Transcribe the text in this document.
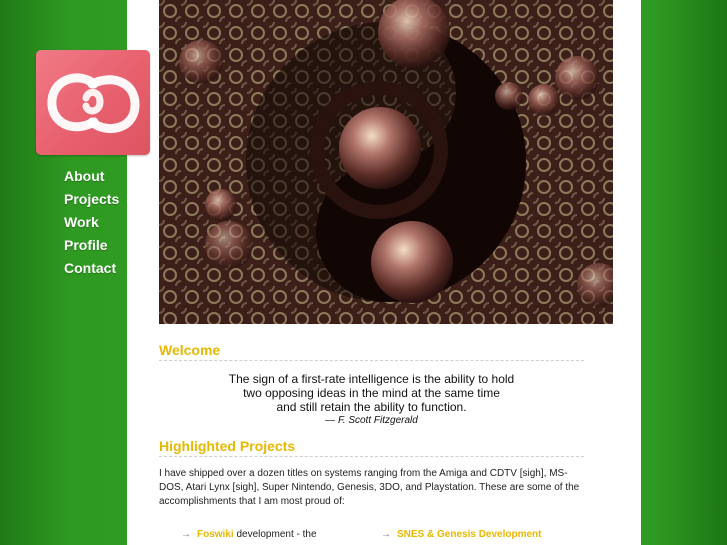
About
Projects
Work
Profile
Contact
Welcome
The sign of a first-rate intelligence is the ability to hold
two opposing ideas in the mind at the same time
and still retain the ability to function.
— F. Scott Fitzgerald
Highlighted Projects

I have shipped over a dozen titles on systems ranging from the Amiga and CDTV [sigh], MS-DOS, Atari Lynx [sigh], Super Nintendo, Genesis, 3DO, and Playstation. These are some of the accomplishments that I am most proud of:

→ Foswiki development - the	→ SNES & Genesis Development
